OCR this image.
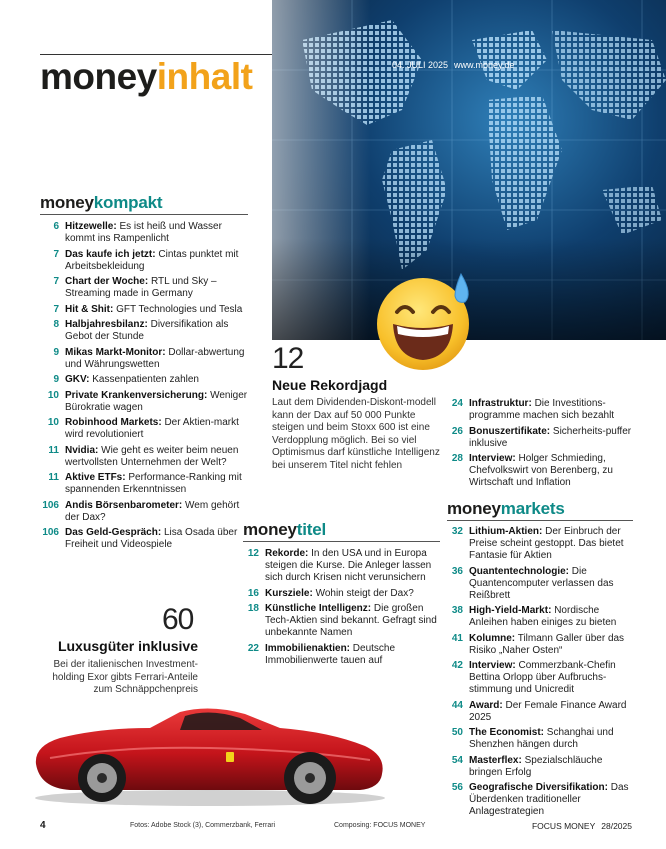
moneyinhalt	04. JULI 2025 www.money.de
moneykompakt
6 Hitzewelle: Es ist heiß und Wasser kommt ins Rampenlicht
7 Das kaufe ich jetzt: Cintas punktet mit Arbeitsbekleidung
7 Chart der Woche: RTL und Sky – Streaming made in Germany
7 Hit & Shit: GFT Technologies und Tesla
8 Halbjahresbilanz: Diversifikation als Gebot der Stunde
9 Mikas Markt-Monitor: Dollar-abwertung und Währungswetten
9 GKV: Kassenpatienten zahlen
10 Private Krankenversicherung: Weniger Bürokratie wagen
10 Robinhood Markets: Der Aktien-markt wird revolutioniert
11 Nvidia: Wie geht es weiter beim neuen wertvollsten Unternehmen der Welt?
11 Aktive ETFs: Performance-Ranking mit spannenden Erkenntnissen
106 Andis Börsenbarometer: Wem gehört der Dax?
106 Das Geld-Gespräch: Lisa Osada über Freiheit und Videospiele
60
Luxusgüter inklusive
Bei der italienischen Investment-holding Exor gibts Ferrari-Anteile zum Schnäppchenpreis
12
Neue Rekordjagd
Laut dem Dividenden-Diskont-modell kann der Dax auf 50 000 Punkte steigen und beim Stoxx 600 ist eine Verdopplung möglich. Bei so viel Optimismus darf künstliche Intelligenz bei unserem Titel nicht fehlen
moneytitel
12 Rekorde: In den USA und in Europa steigen die Kurse. Die Anleger lassen sich durch Krisen nicht verunsichern
16 Kursziele: Wohin steigt der Dax?
18 Künstliche Intelligenz: Die großen Tech-Aktien sind bekannt. Gefragt sind unbekannte Namen
22 Immobilienaktien: Deutsche Immobilienwerte tauen auf
24 Infrastruktur: Die Investitions-programme machen sich bezahlt
26 Bonuszertifikate: Sicherheits-puffer inklusive
28 Interview: Holger Schmieding, Chefvolkswirt von Berenberg, zu Wirtschaft und Inflation
moneymarkets
32 Lithium-Aktien: Der Einbruch der Preise scheint gestoppt. Das bietet Fantasie für Aktien
36 Quantentechnologie: Die Quantencomputer verlassen das Reißbrett
38 High-Yield-Markt: Nordische Anleihen haben einiges zu bieten
41 Kolumne: Tilmann Galler über das Risiko „Naher Osten“
42 Interview: Commerzbank-Chefin Bettina Orlopp über Aufbruchs-stimmung und Unicredit
44 Award: Der Female Finance Award 2025
50 The Economist: Schanghai und Shenzhen hängen durch
54 Masterflex: Spezialschläuche bringen Erfolg
56 Geografische Diversifikation: Das Überdenken traditioneller Anlagestrategien
4	Fotos: Adobe Stock (3), Commerzbank, Ferrari	Composing: FOCUS MONEY	FOCUS MONEY 28/2025
